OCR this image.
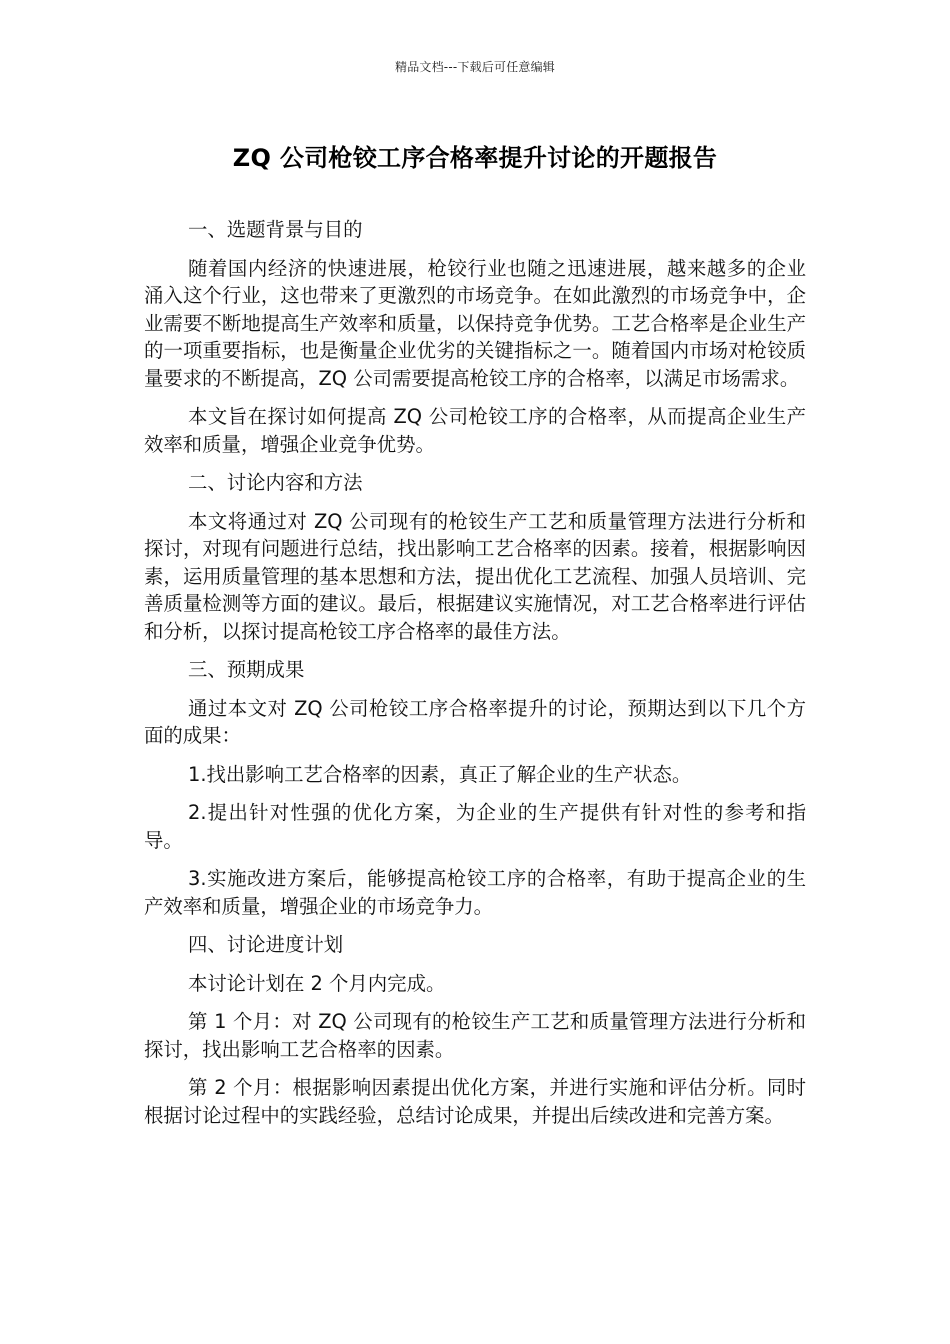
精品文档---下载后可任意编辑
ZQ 公司枪铰工序合格率提升讨论的开题报告

一、选题背景与目的

随着国内经济的快速进展，枪铰行业也随之迅速进展，越来越多的企业涌入这个行业，这也带来了更激烈的市场竞争。在如此激烈的市场竞争中，企业需要不断地提高生产效率和质量，以保持竞争优势。工艺合格率是企业生产的一项重要指标，也是衡量企业优劣的关键指标之一。随着国内市场对枪铰质量要求的不断提高，ZQ 公司需要提高枪铰工序的合格率，以满足市场需求。

本文旨在探讨如何提高 ZQ 公司枪铰工序的合格率，从而提高企业生产效率和质量，增强企业竞争优势。

二、讨论内容和方法

本文将通过对 ZQ 公司现有的枪铰生产工艺和质量管理方法进行分析和探讨，对现有问题进行总结，找出影响工艺合格率的因素。接着，根据影响因素，运用质量管理的基本思想和方法，提出优化工艺流程、加强人员培训、完善质量检测等方面的建议。最后，根据建议实施情况，对工艺合格率进行评估和分析，以探讨提高枪铰工序合格率的最佳方法。

三、预期成果

通过本文对 ZQ 公司枪铰工序合格率提升的讨论，预期达到以下几个方面的成果：

1.找出影响工艺合格率的因素，真正了解企业的生产状态。

2.提出针对性强的优化方案，为企业的生产提供有针对性的参考和指导。

3.实施改进方案后，能够提高枪铰工序的合格率，有助于提高企业的生产效率和质量，增强企业的市场竞争力。

四、讨论进度计划

本讨论计划在 2 个月内完成。

第 1 个月：对 ZQ 公司现有的枪铰生产工艺和质量管理方法进行分析和探讨，找出影响工艺合格率的因素。

第 2 个月：根据影响因素提出优化方案，并进行实施和评估分析。同时根据讨论过程中的实践经验，总结讨论成果，并提出后续改进和完善方案。
